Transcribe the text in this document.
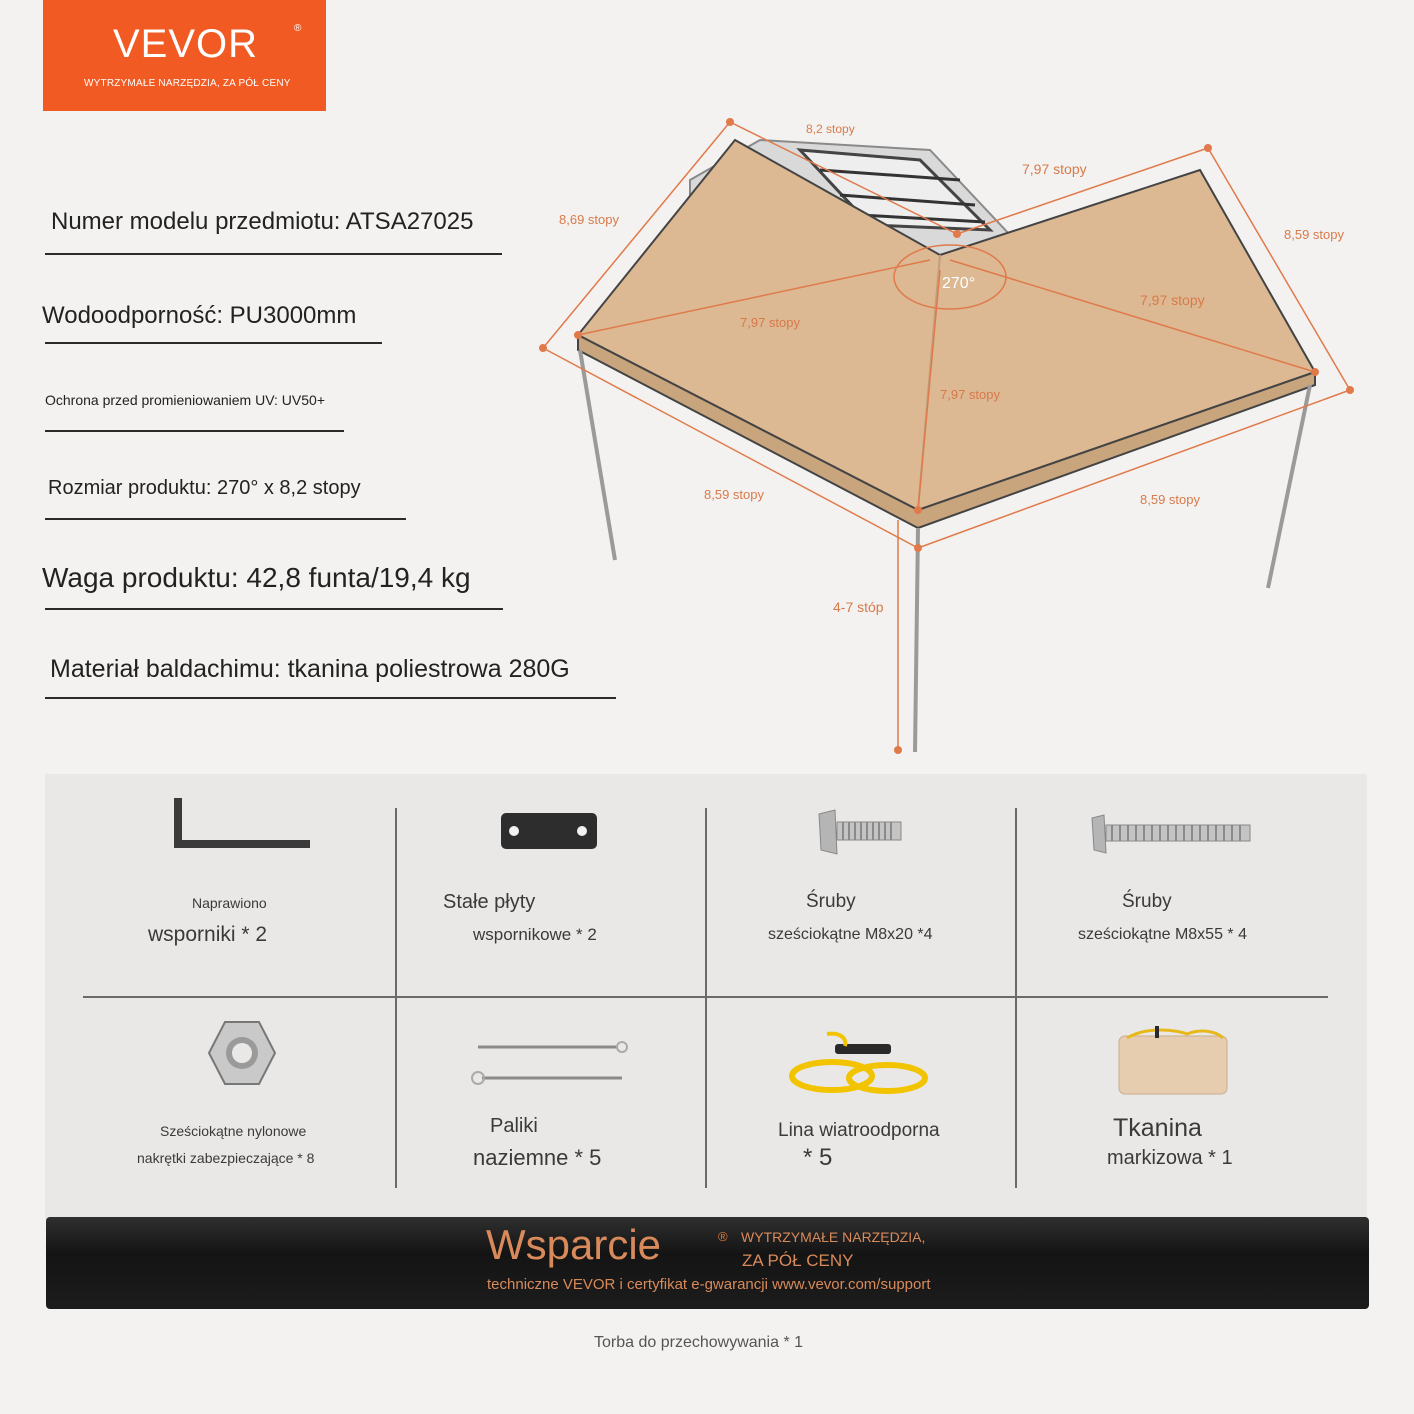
VEVOR	®
WYTRZYMAŁE NARZĘDZIA, ZA PÓŁ CENY
Numer modelu przedmiotu: ATSA27025
Wodoodporność: PU3000mm
Ochrona przed promieniowaniem UV: UV50+
Rozmiar produktu: 270° x 8,2 stopy
Waga produktu: 42,8 funta/19,4 kg
Materiał baldachimu: tkanina poliestrowa 280G
8,2 stopy
7,97 stopy
8,69 stopy
8,59 stopy
270°
7,97 stopy
7,97 stopy
7,97 stopy
8,59 stopy	8,59 stopy
4-7 stóp
Naprawiono
wsporniki * 2
Stałe płyty
wspornikowe * 2
Śruby
sześciokątne M8x20 *4
Śruby
sześciokątne M8x55 * 4
Sześciokątne nylonowe
nakrętki zabezpieczające * 8
Paliki
naziemne * 5
Lina wiatroodporna
* 5
Tkanina
markizowa * 1
Wsparcie	® WYTRZYMAŁE NARZĘDZIA,
ZA PÓŁ CENY
techniczne VEVOR i certyfikat e-gwarancji www.vevor.com/support
Torba do przechowywania * 1
